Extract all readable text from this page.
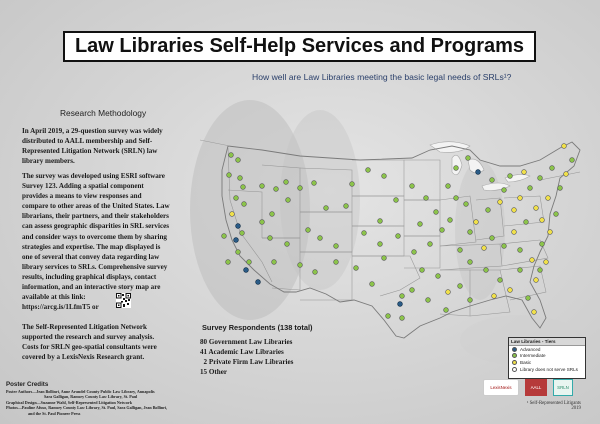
Law Libraries Self-Help Services and Programs
How well are Law Libraries meeting the basic legal needs of SRLs¹?
Research Methodology
In April 2019, a 29-question survey was widely
distributed to AALL membership and Self-
Represented Litigation Network (SRLN) law
library members.
The survey was developed using ESRI software
Survey 123. Adding a spatial component
provides a means to view responses and
compare to other areas of the United States. Law
librarians, their partners, and their stakeholders
can assess geographic disparities in SRL services
and consider ways to overcome them by sharing
strategies and expertise. The map displayed is
one of several that convey data regarding law
library services to SRLs. Comprehensive survey
results, including graphical displays, contact
information, and an interactive story map are
available at this link:
https://arcg.is/1LfmT5 or
The Self-Represented Litigation Network
supported the research and survey analysis.
Costs for SRLN geo-spatial consultants were
covered by a LexisNexis Research grant.
Survey Respondents (138 total)
80 Government Law Libraries
41 Academic Law Libraries
2 Private Firm Law Libraries
15 Other
Law Libraries - Tiers
Advanced
Intermediate
Basic
Library does not serve SRLs
Poster Credits
Poster Authors—Jean Bollinri, Anne Arundel County Public Law Library, Annapolis
Sara Galligan, Ramsey County Law Library, St. Paul
Graphical Design—Suzanne Wahl, Self-Represented Litigation Network
Photos—Pauline Afuso, Ramsey County Law Library, St. Paul, Sara Galligan, Jean Bollinri,
and the St. Paul Pioneer Press
LexisNexis	AALL	SRLN
¹ Self-Represented Litigants
2019
